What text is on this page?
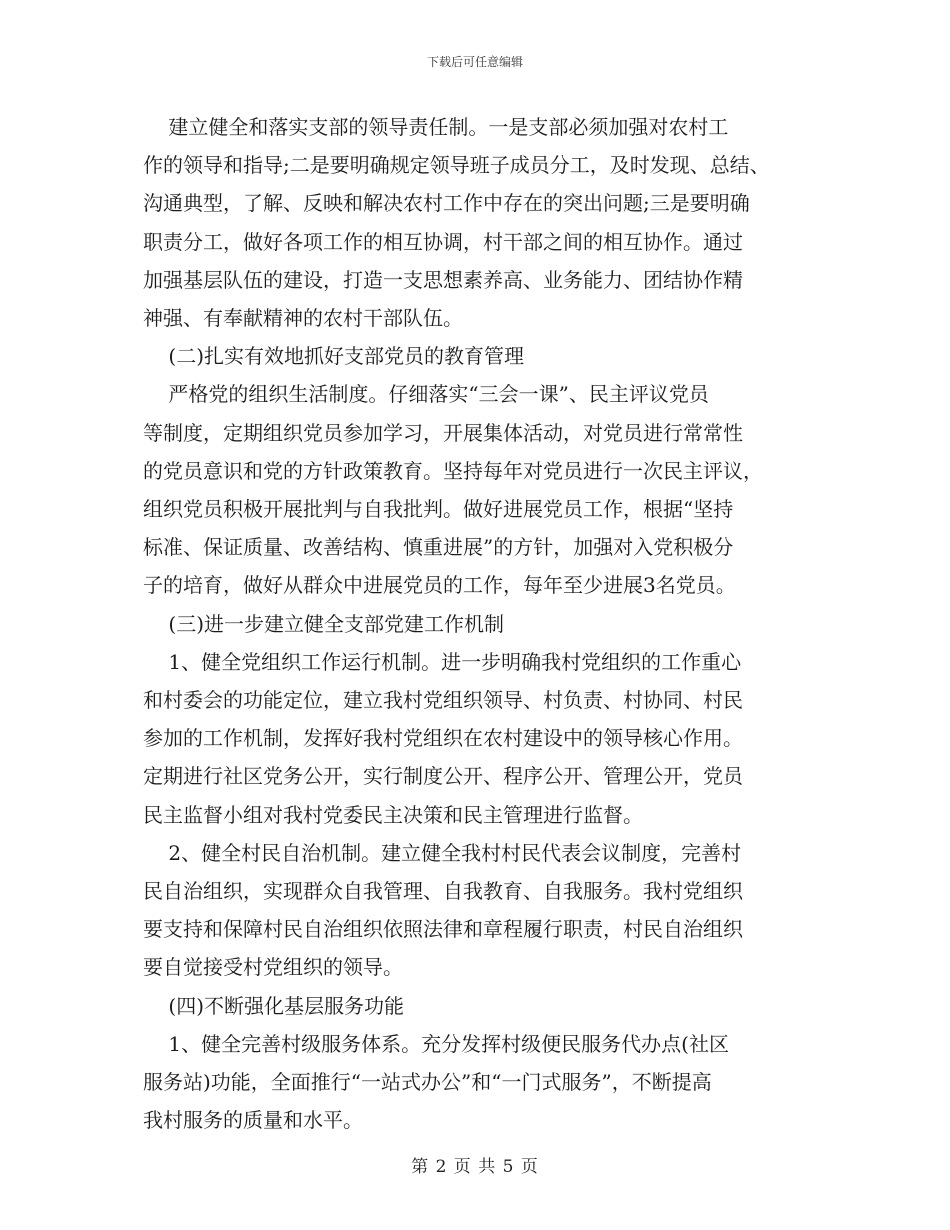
下载后可任意编辑
建立健全和落实支部的领导责任制。一是支部必须加强对农村工
作的领导和指导;二是要明确规定领导班子成员分工，及时发现、总结、
沟通典型，了解、反映和解决农村工作中存在的突出问题;三是要明确
职责分工，做好各项工作的相互协调，村干部之间的相互协作。通过
加强基层队伍的建设，打造一支思想素养高、业务能力、团结协作精
神强、有奉献精神的农村干部队伍。
(二)扎实有效地抓好支部党员的教育管理
严格党的组织生活制度。仔细落实“三会一课”、民主评议党员
等制度，定期组织党员参加学习，开展集体活动，对党员进行常常性
的党员意识和党的方针政策教育。坚持每年对党员进行一次民主评议，
组织党员积极开展批判与自我批判。做好进展党员工作，根据“坚持
标准、保证质量、改善结构、慎重进展”的方针，加强对入党积极分
子的培育，做好从群众中进展党员的工作，每年至少进展3名党员。
(三)进一步建立健全支部党建工作机制
1、健全党组织工作运行机制。进一步明确我村党组织的工作重心
和村委会的功能定位，建立我村党组织领导、村负责、村协同、村民
参加的工作机制，发挥好我村党组织在农村建设中的领导核心作用。
定期进行社区党务公开，实行制度公开、程序公开、管理公开，党员
民主监督小组对我村党委民主决策和民主管理进行监督。
2、健全村民自治机制。建立健全我村村民代表会议制度，完善村
民自治组织，实现群众自我管理、自我教育、自我服务。我村党组织
要支持和保障村民自治组织依照法律和章程履行职责，村民自治组织
要自觉接受村党组织的领导。
(四)不断强化基层服务功能
1、健全完善村级服务体系。充分发挥村级便民服务代办点(社区
服务站)功能，全面推行“一站式办公”和“一门式服务”，不断提高
我村服务的质量和水平。
第 2 页 共 5 页
